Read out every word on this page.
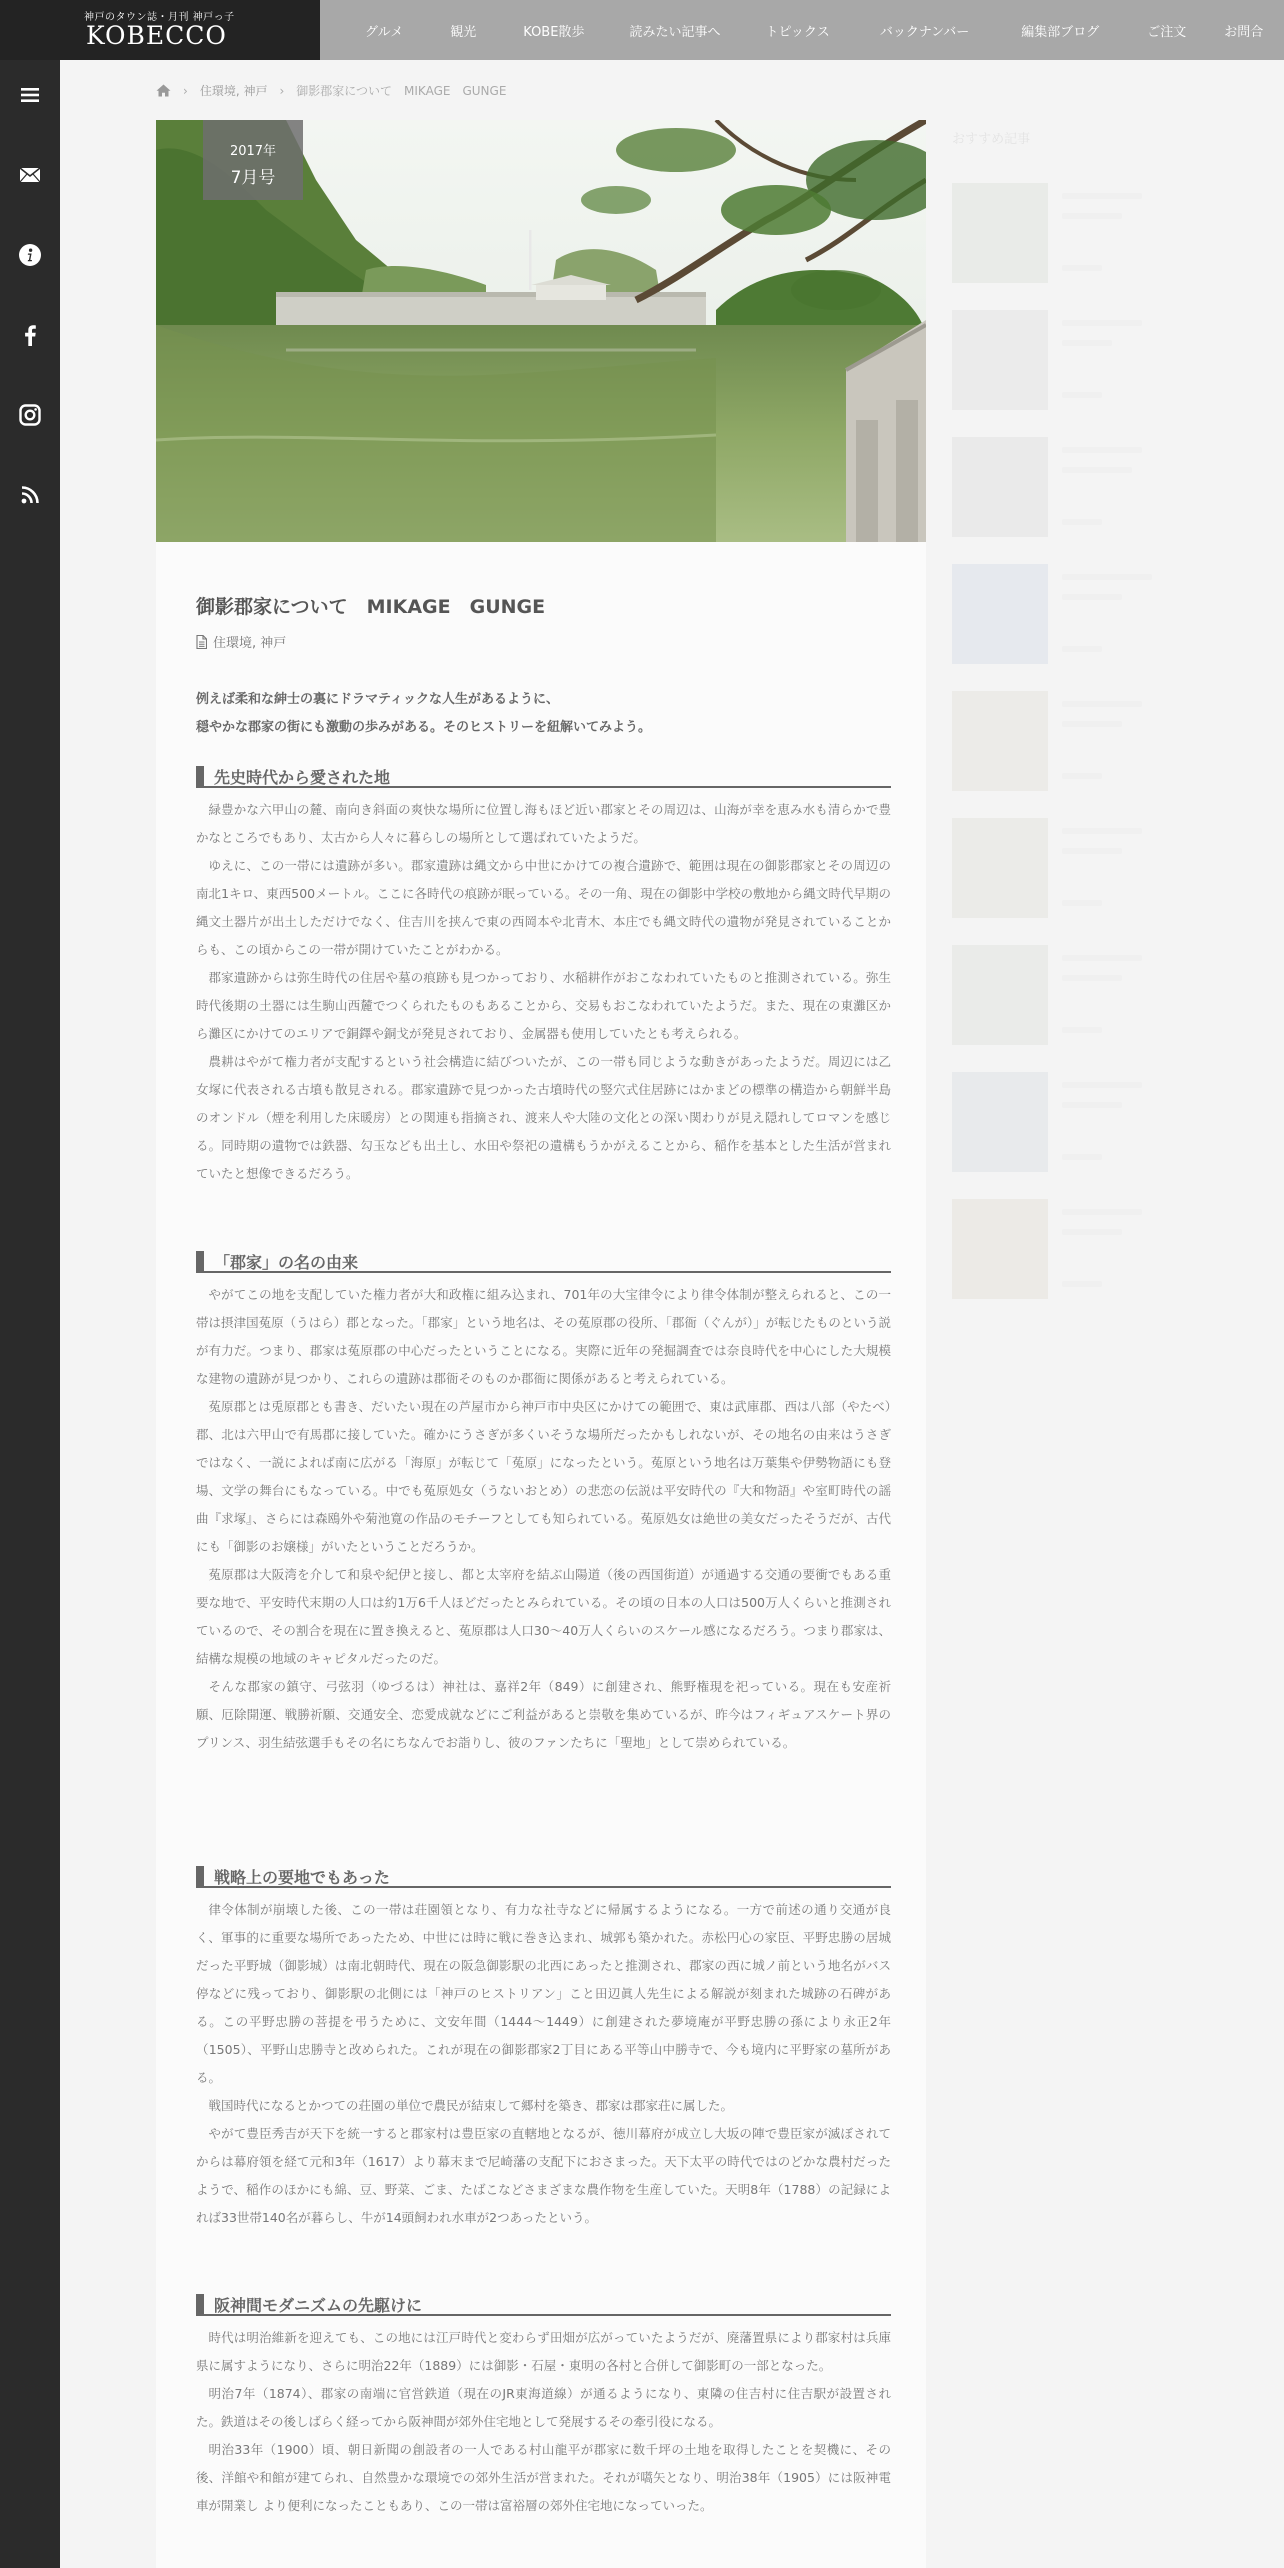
神戸のタウン誌・月刊 神戸っ子
KOBECCO	グルメ	観光	KOBE散歩	読みたい記事へ	トピックス	バックナンバー	編集部ブログ	ご注文	お問合
› 住環境, 神戸 › 御影郡家について　MIKAGE　GUNGE
2017年
7月号
御影郡家について　MIKAGE　GUNGE
住環境, 神戸
例えば柔和な紳士の裏にドラマティックな人生があるように、
穏やかな郡家の街にも激動の歩みがある。そのヒストリーを紐解いてみよう。
先史時代から愛された地

緑豊かな六甲山の麓、南向き斜面の爽快な場所に位置し海もほど近い郡家とその周辺は、山海が幸を恵み水も清らかで豊かなところでもあり、太古から人々に暮らしの場所として選ばれていたようだ。

ゆえに、この一帯には遺跡が多い。郡家遺跡は縄文から中世にかけての複合遺跡で、範囲は現在の御影郡家とその周辺の南北1キロ、東西500メートル。ここに各時代の痕跡が眠っている。その一角、現在の御影中学校の敷地から縄文時代早期の縄文土器片が出土しただけでなく、住吉川を挟んで東の西岡本や北青木、本庄でも縄文時代の遺物が発見されていることからも、この頃からこの一帯が開けていたことがわかる。

郡家遺跡からは弥生時代の住居や墓の痕跡も見つかっており、水稲耕作がおこなわれていたものと推測されている。弥生時代後期の土器には生駒山西麓でつくられたものもあることから、交易もおこなわれていたようだ。また、現在の東灘区から灘区にかけてのエリアで銅鐸や銅戈が発見されており、金属器も使用していたとも考えられる。

農耕はやがて権力者が支配するという社会構造に結びついたが、この一帯も同じような動きがあったようだ。周辺には乙女塚に代表される古墳も散見される。郡家遺跡で見つかった古墳時代の竪穴式住居跡にはかまどの標準の構造から朝鮮半島のオンドル（煙を利用した床暖房）との関連も指摘され、渡来人や大陸の文化との深い関わりが見え隠れしてロマンを感じる。同時期の遺物では鉄器、勾玉なども出土し、水田や祭祀の遺構もうかがえることから、稲作を基本とした生活が営まれていたと想像できるだろう。

「郡家」の名の由来

やがてこの地を支配していた権力者が大和政権に組み込まれ、701年の大宝律令により律令体制が整えられると、この一帯は摂津国菟原（うはら）郡となった。「郡家」という地名は、その菟原郡の役所、「郡衙（ぐんが）」が転じたものという説が有力だ。つまり、郡家は菟原郡の中心だったということになる。実際に近年の発掘調査では奈良時代を中心にした大規模な建物の遺跡が見つかり、これらの遺跡は郡衙そのものか郡衙に関係があると考えられている。

菟原郡とは兎原郡とも書き、だいたい現在の芦屋市から神戸市中央区にかけての範囲で、東は武庫郡、西は八部（やたべ）郡、北は六甲山で有馬郡に接していた。確かにうさぎが多くいそうな場所だったかもしれないが、その地名の由来はうさぎではなく、一説によれば南に広がる「海原」が転じて「菟原」になったという。菟原という地名は万葉集や伊勢物語にも登場、文学の舞台にもなっている。中でも菟原処女（うないおとめ）の悲恋の伝説は平安時代の『大和物語』や室町時代の謡曲『求塚』、さらには森鴎外や菊池寛の作品のモチーフとしても知られている。菟原処女は絶世の美女だったそうだが、古代にも「御影のお嬢様」がいたということだろうか。

菟原郡は大阪湾を介して和泉や紀伊と接し、都と太宰府を結ぶ山陽道（後の西国街道）が通過する交通の要衝でもある重要な地で、平安時代末期の人口は約1万6千人ほどだったとみられている。その頃の日本の人口は500万人くらいと推測されているので、その割合を現在に置き換えると、菟原郡は人口30～40万人くらいのスケール感になるだろう。つまり郡家は、結構な規模の地域のキャピタルだったのだ。

そんな郡家の鎮守、弓弦羽（ゆづるは）神社は、嘉祥2年（849）に創建され、熊野権現を祀っている。現在も安産祈願、厄除開運、戦勝祈願、交通安全、恋愛成就などにご利益があると崇敬を集めているが、昨今はフィギュアスケート界のプリンス、羽生結弦選手もその名にちなんでお詣りし、彼のファンたちに「聖地」として崇められている。

戦略上の要地でもあった

律令体制が崩壊した後、この一帯は荘園領となり、有力な社寺などに帰属するようになる。一方で前述の通り交通が良く、軍事的に重要な場所であったため、中世には時に戦に巻き込まれ、城郭も築かれた。赤松円心の家臣、平野忠勝の居城だった平野城（御影城）は南北朝時代、現在の阪急御影駅の北西にあったと推測され、郡家の西に城ノ前という地名がバス停などに残っており、御影駅の北側には「神戸のヒストリアン」こと田辺眞人先生による解説が刻まれた城跡の石碑がある。この平野忠勝の菩提を弔うために、文安年間（1444～1449）に創建された夢境庵が平野忠勝の孫により永正2年（1505）、平野山忠勝寺と改められた。これが現在の御影郡家2丁目にある平等山中勝寺で、今も境内に平野家の墓所がある。

戦国時代になるとかつての荘園の単位で農民が結束して郷村を築き、郡家は郡家荘に属した。

やがて豊臣秀吉が天下を統一すると郡家村は豊臣家の直轄地となるが、徳川幕府が成立し大坂の陣で豊臣家が滅ぼされてからは幕府領を経て元和3年（1617）より幕末まで尼崎藩の支配下におさまった。天下太平の時代ではのどかな農村だったようで、稲作のほかにも綿、豆、野菜、ごま、たばこなどさまざまな農作物を生産していた。天明8年（1788）の記録によれば33世帯140名が暮らし、牛が14頭飼われ水車が2つあったという。

阪神間モダニズムの先駆けに

時代は明治維新を迎えても、この地には江戸時代と変わらず田畑が広がっていたようだが、廃藩置県により郡家村は兵庫県に属すようになり、さらに明治22年（1889）には御影・石屋・東明の各村と合併して御影町の一部となった。

明治7年（1874）、郡家の南端に官営鉄道（現在のJR東海道線）が通るようになり、東隣の住吉村に住吉駅が設置された。鉄道はその後しばらく経ってから阪神間が郊外住宅地として発展するその牽引役になる。

明治33年（1900）頃、朝日新聞の創設者の一人である村山龍平が郡家に数千坪の土地を取得したことを契機に、その後、洋館や和館が建てられ、自然豊かな環境での郊外生活が営まれた。それが嚆矢となり、明治38年（1905）には阪神電車が開業し より便利になったこともあり、この一帯は富裕層の郊外住宅地になっていった。

おすすめ記事
